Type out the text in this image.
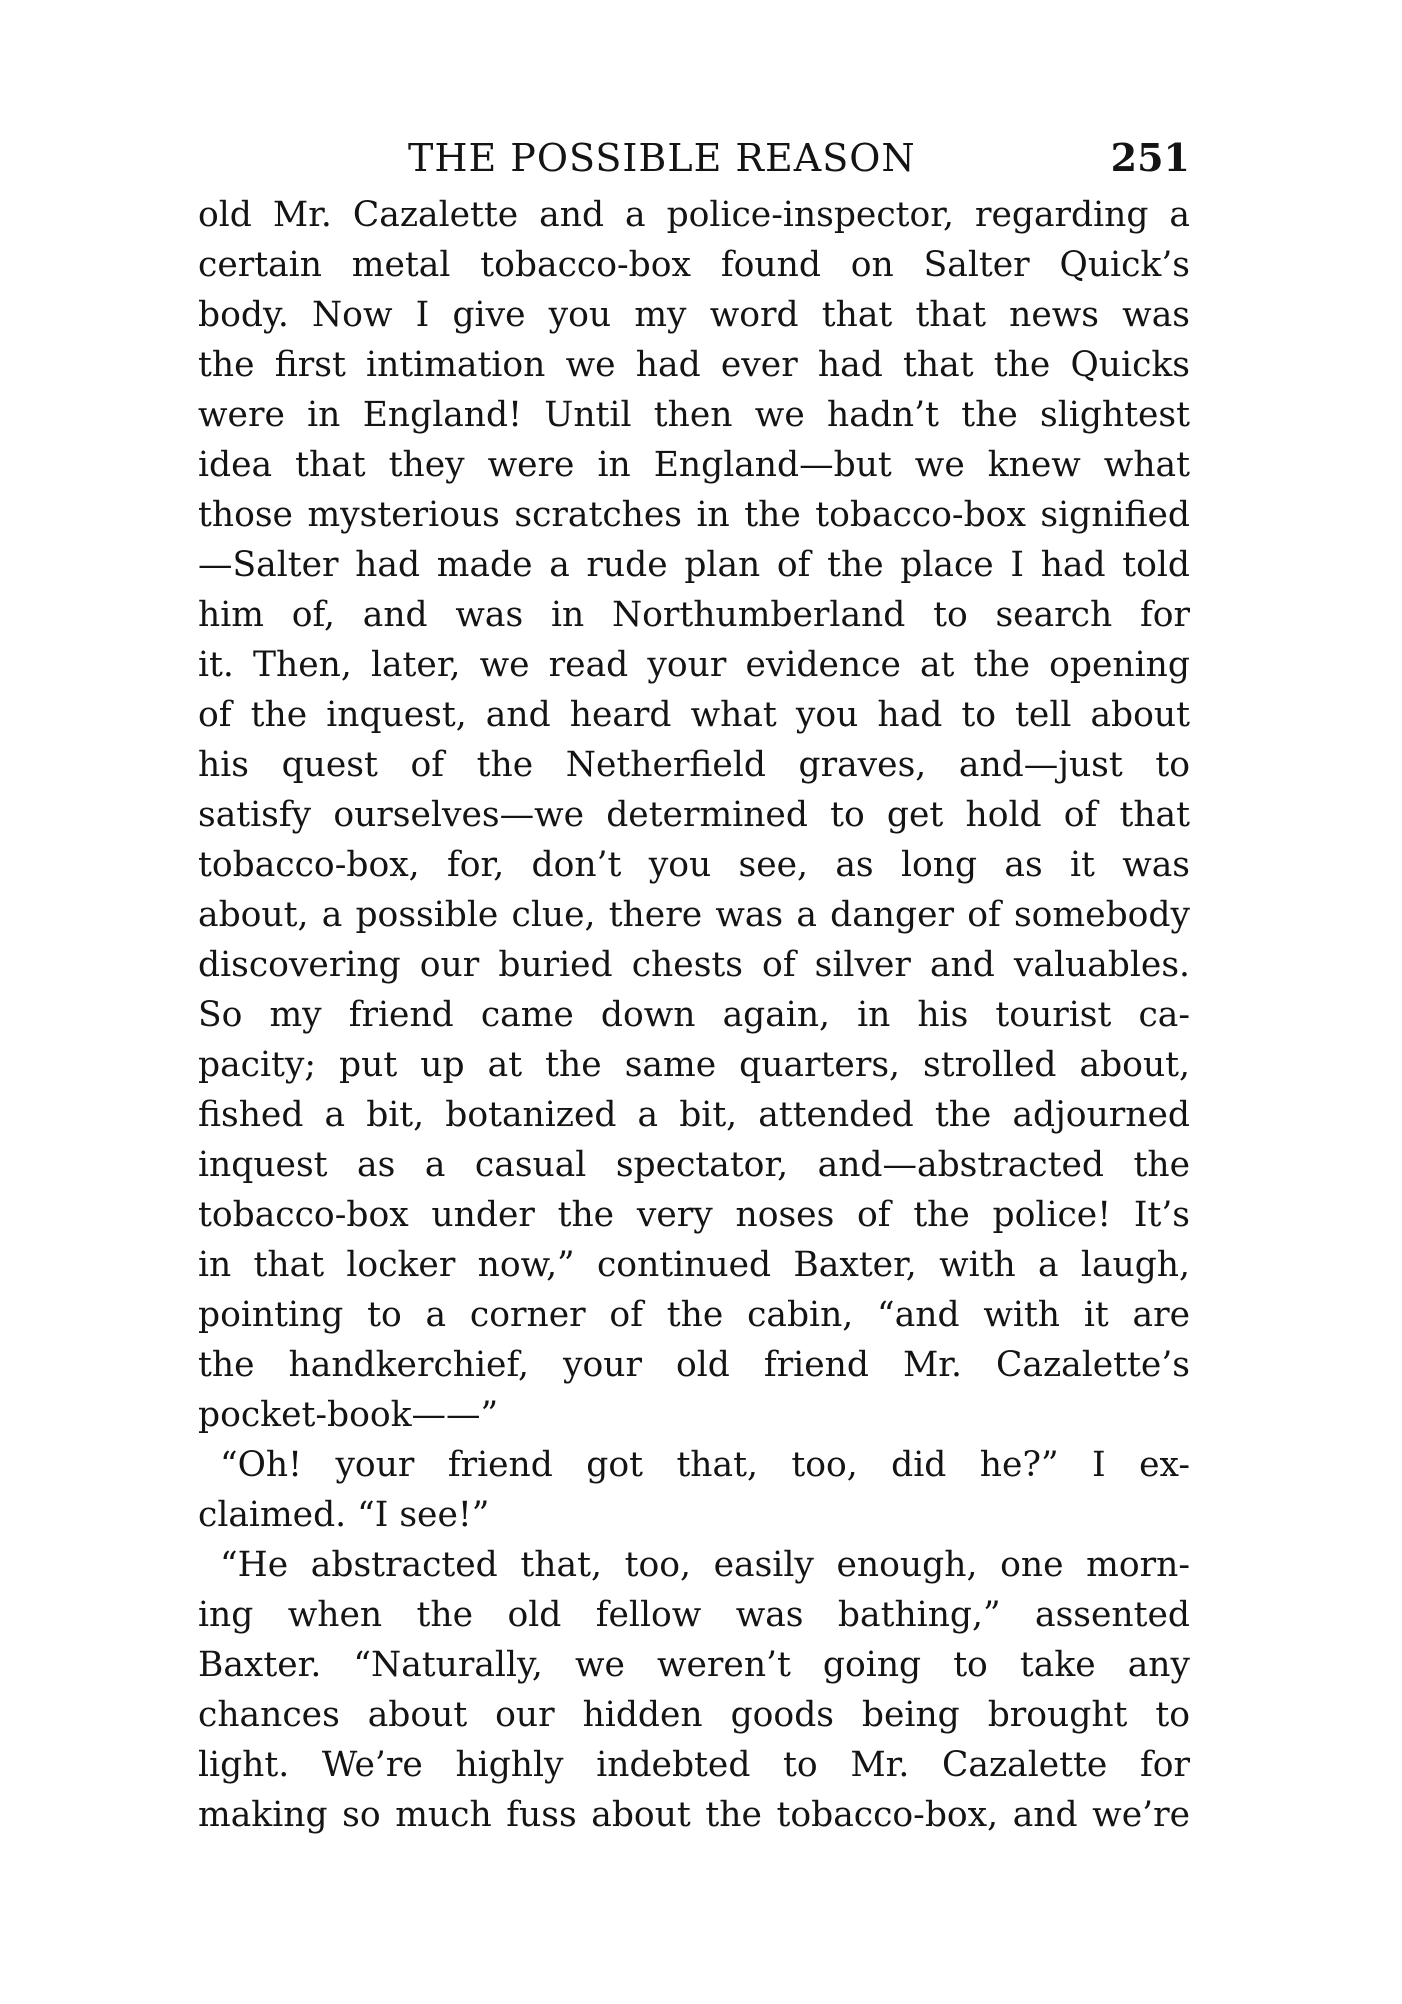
THE POSSIBLE REASON	251
old Mr. Cazalette and a police-inspector, regarding a
certain metal tobacco-box found on Salter Quick’s
body. Now I give you my word that that news was
the first intimation we had ever had that the Quicks
were in England! Until then we hadn’t the slightest
idea that they were in England—but we knew what
those mysterious scratches in the tobacco-box signified
—Salter had made a rude plan of the place I had told
him of, and was in Northumberland to search for
it. Then, later, we read your evidence at the opening
of the inquest, and heard what you had to tell about
his quest of the Netherfield graves, and—just to
satisfy ourselves—we determined to get hold of that
tobacco-box, for, don’t you see, as long as it was
about, a possible clue, there was a danger of somebody
discovering our buried chests of silver and valuables.
So my friend came down again, in his tourist ca-
pacity; put up at the same quarters, strolled about,
fished a bit, botanized a bit, attended the adjourned
inquest as a casual spectator, and—abstracted the
tobacco-box under the very noses of the police! It’s
in that locker now,” continued Baxter, with a laugh,
pointing to a corner of the cabin, “and with it are
the handkerchief, your old friend Mr. Cazalette’s
pocket-book——”
“Oh! your friend got that, too, did he?” I ex-
claimed. “I see!”
“He abstracted that, too, easily enough, one morn-
ing when the old fellow was bathing,” assented
Baxter. “Naturally, we weren’t going to take any
chances about our hidden goods being brought to
light. We’re highly indebted to Mr. Cazalette for
making so much fuss about the tobacco-box, and we’re
